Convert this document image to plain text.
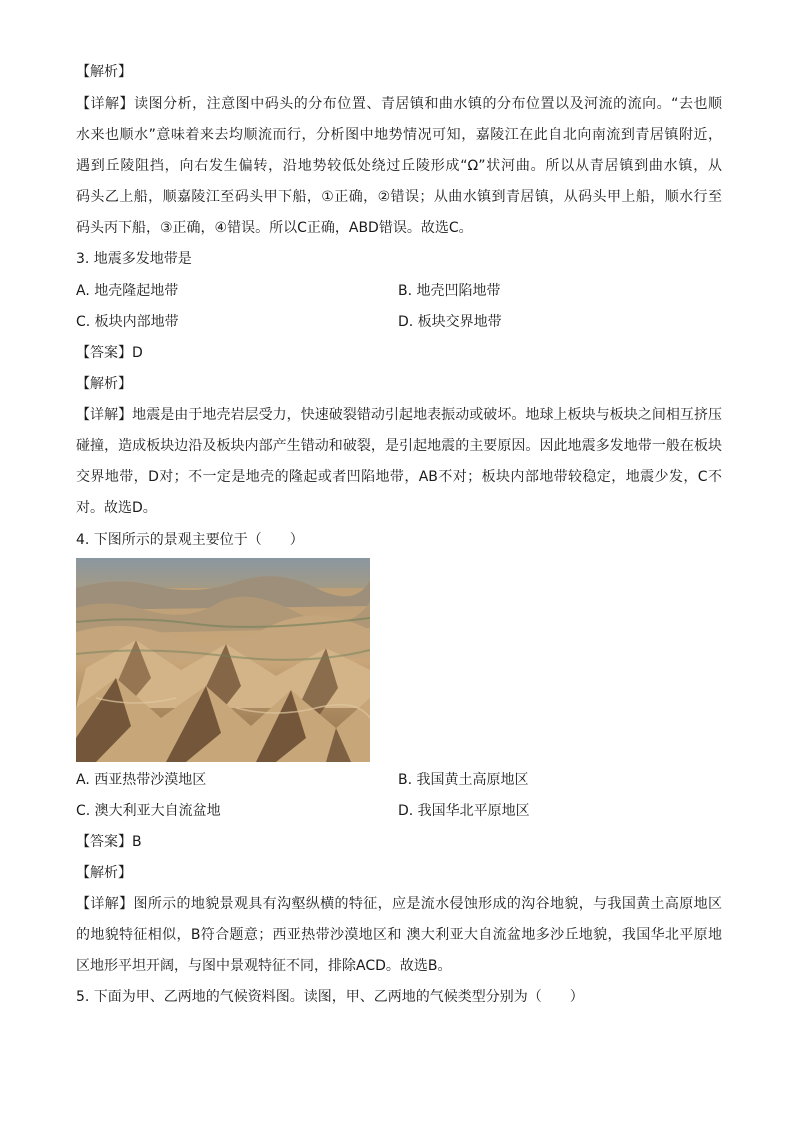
【解析】
【详解】读图分析，注意图中码头的分布位置、青居镇和曲水镇的分布位置以及河流的流向。“去也顺
水来也顺水”意味着来去均顺流而行，分析图中地势情况可知，嘉陵江在此自北向南流到青居镇附近，
遇到丘陵阻挡，向右发生偏转，沿地势较低处绕过丘陵形成“Ω”状河曲。所以从青居镇到曲水镇，从
码头乙上船，顺嘉陵江至码头甲下船，①正确，②错误；从曲水镇到青居镇，从码头甲上船，顺水行至
码头丙下船，③正确，④错误。所以C正确，ABD错误。故选C。
3. 地震多发地带是
A. 地壳隆起地带	B. 地壳凹陷地带
C. 板块内部地带	D. 板块交界地带
【答案】D
【解析】
【详解】地震是由于地壳岩层受力，快速破裂错动引起地表振动或破坏。地球上板块与板块之间相互挤压
碰撞，造成板块边沿及板块内部产生错动和破裂，是引起地震的主要原因。因此地震多发地带一般在板块
交界地带，D对；不一定是地壳的隆起或者凹陷地带，AB不对；板块内部地带较稳定，地震少发，C不
对。故选D。
4. 下图所示的景观主要位于（　　）
A. 西亚热带沙漠地区	B. 我国黄土高原地区
C. 澳大利亚大自流盆地	D. 我国华北平原地区
【答案】B
【解析】
【详解】图所示的地貌景观具有沟壑纵横的特征，应是流水侵蚀形成的沟谷地貌，与我国黄土高原地区
的地貌特征相似，B符合题意；西亚热带沙漠地区和 澳大利亚大自流盆地多沙丘地貌，我国华北平原地
区地形平坦开阔，与图中景观特征不同，排除ACD。故选B。
5. 下面为甲、乙两地的气候资料图。读图，甲、乙两地的气候类型分别为（　　）
